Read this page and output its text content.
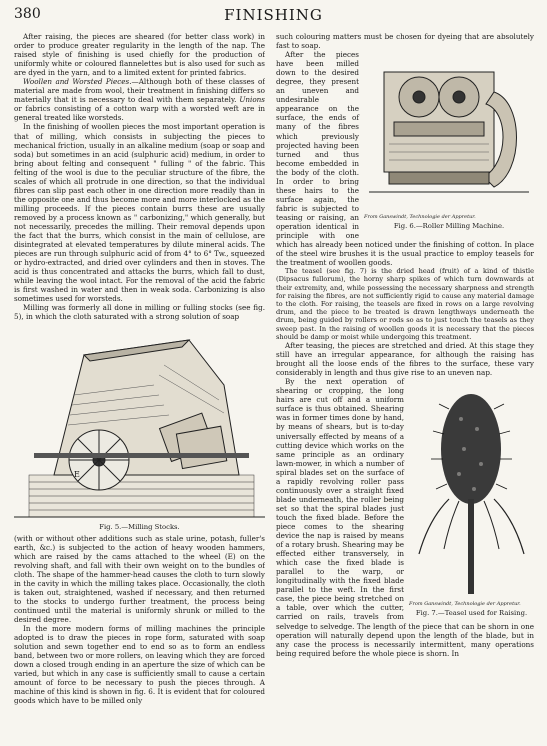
380	FINISHING

After raising, the pieces are sheared (for better class work) in order to produce greater regularity in the length of the nap. The raised style of finishing is used chiefly for the production of uniformly white or coloured flannelettes but is also used for such as are dyed in the yarn, and to a limited extent for printed fabrics.

Woollen and Worsted Pieces.—Although both of these classes of material are made from wool, their treatment in finishing differs so materially that it is necessary to deal with them separately. Unions or fabrics consisting of a cotton warp with a worsted weft are in general treated like worsteds.

In the finishing of woollen pieces the most important operation is that of milling, which consists in subjecting the pieces to mechanical friction, usually in an alkaline medium (soap or soap and soda) but sometimes in an acid (sulphuric acid) medium, in order to bring about felting and consequent " fulling " of the fabric. This felting of the wool is due to the peculiar structure of the fibre, the scales of which all protrude in one direction, so that the individual fibres can slip past each other in one direction more readily than in the opposite one and thus become more and more interlocked as the milling proceeds. If the pieces contain burrs these are usually removed by a process known as " carbonizing," which generally, but not necessarily, precedes the milling. Their removal depends upon the fact that the burrs, which consist in the main of cellulose, are disintegrated at elevated temperatures by dilute mineral acids. The pieces are run through sulphuric acid of from 4° to 6° Tw., squeezed or hydro-extracted, and dried over cylinders and then in stoves. The acid is thus concentrated and attacks the burrs, which fall to dust, while leaving the wool intact. For the removal of the acid the fabric is first washed in water and then in weak soda. Carbonizing is also sometimes used for worsteds.

Milling was formerly all done in milling or fulling stocks (see fig. 5), in which the cloth saturated with a strong solution of soap

E
Fig. 5.—Milling Stocks.

(with or without other additions such as stale urine, potash, fuller's earth, &c.) is subjected to the action of heavy wooden hammers, which are raised by the cams attached to the wheel (E) on the revolving shaft, and fall with their own weight on to the bundles of cloth. The shape of the hammer-head causes the cloth to turn slowly in the cavity in which the milling takes place. Occasionally, the cloth is taken out, straightened, washed if necessary, and then returned to the stocks to undergo further treatment, the process being continued until the material is uniformly shrunk or milled to the desired degree.

In the more modern forms of milling machines the principle adopted is to draw the pieces in rope form, saturated with soap solution and sewn together end to end so as to form an endless band, between two or more rollers, on leaving which they are forced down a closed trough ending in an aperture the size of which can be varied, but which in any case is sufficiently small to cause a certain amount of force to be necessary to push the pieces through. A machine of this kind is shown in fig. 6. It is evident that for coloured goods which have to be milled only

such colouring matters must be chosen for dyeing that are absolutely fast to soap.

From Ganswindt, Technologie der Appretur.
Fig. 6.—Roller Milling Machine.

After the pieces have been milled down to the desired degree, they present an uneven and undesirable appearance on the surface, the ends of many of the fibres which previously projected having been turned and thus become embedded in the body of the cloth. In order to bring these hairs to the surface again, the fabric is subjected to teasing or raising, an operation identical in principle with one which has already been noticed under the finishing of cotton. In place of the steel wire brushes it is the usual practice to employ teasels for the treatment of woollen goods.

The teasel (see fig. 7) is the dried head (fruit) of a kind of thistle (Dipsacus fullorum), the horny sharp spikes of which turn downwards at their extremity, and, while possessing the necessary sharpness and strength for raising the fibres, are not sufficiently rigid to cause any material damage to the cloth. For raising, the teasels are fixed in rows on a large revolving drum, and the piece to be treated is drawn lengthways underneath the drum, being guided by rollers or rods so as to just touch the teasels as they sweep past. In the raising of woollen goods it is necessary that the pieces should be damp or moist while undergoing this treatment.

After teasing, the pieces are stretched and dried. At this stage they still have an irregular appearance, for although the raising has brought all the loose ends of the fibres to the surface, these vary considerably in length and thus give rise to an uneven nap.

From Ganswindt, Technologie der Appretur.
Fig. 7.—Teasel used for Raising.

By the next operation of shearing or cropping, the long hairs are cut off and a uniform surface is thus obtained. Shearing was in former times done by hand, by means of shears, but is to-day universally effected by means of a cutting device which works on the same principle as an ordinary lawn-mower, in which a number of spiral blades set on the surface of a rapidly revolving roller pass continuously over a straight fixed blade underneath, the roller being set so that the spiral blades just touch the fixed blade. Before the piece comes to the shearing device the nap is raised by means of a rotary brush. Shearing may be effected either transversely, in which case the fixed blade is parallel to the warp, or longitudinally with the fixed blade parallel to the weft. In the first case, the piece being stretched on a table, over which the cutter, carried on rails, travels from selvedge to selvedge. The length of the piece that can be shorn in one operation will naturally depend upon the length of the blade, but in any case the process is necessarily intermittent, many operations being required before the whole piece is shorn. In
